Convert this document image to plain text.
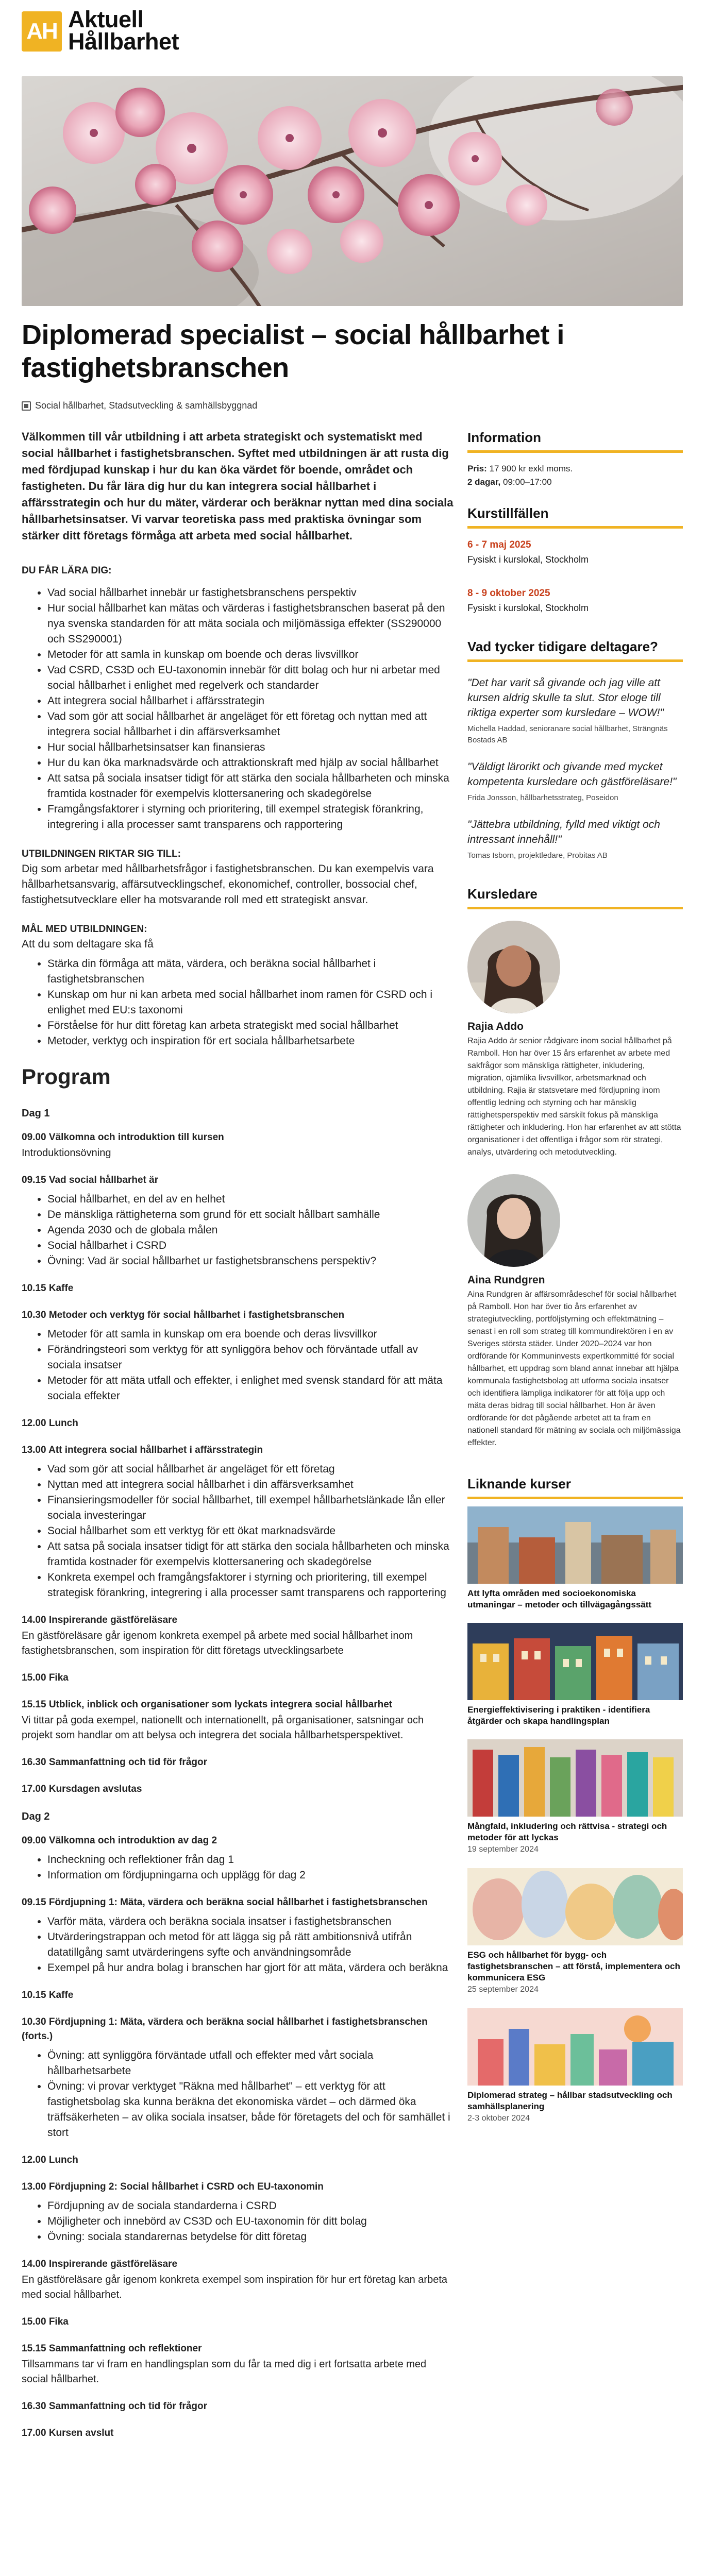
AH Aktuell
Hållbarhet
Diplomerad specialist – social hållbarhet i fastighetsbranschen
Social hållbarhet, Stadsutveckling & samhällsbyggnad

Välkommen till vår utbildning i att arbeta strategiskt och systematiskt med social hållbarhet i fastighetsbranschen. Syftet med utbildningen är att rusta dig med fördjupad kunskap i hur du kan öka värdet för boende, området och fastigheten. Du får lära dig hur du kan integrera social hållbarhet i affärsstrategin och hur du mäter, värderar och beräknar nyttan med dina sociala hållbarhetsinsatser. Vi varvar teoretiska pass med praktiska övningar som stärker ditt företags förmåga att arbeta med social hållbarhet.

DU FÅR LÄRA DIG:
• Vad social hållbarhet innebär ur fastighetsbranschens perspektiv
• Hur social hållbarhet kan mätas och värderas i fastighetsbranschen baserat på den nya svenska standarden för att mäta sociala och miljömässiga effekter (SS290000 och SS290001)
• Metoder för att samla in kunskap om boende och deras livsvillkor
• Vad CSRD, CS3D och EU-taxonomin innebär för ditt bolag och hur ni arbetar med social hållbarhet i enlighet med regelverk och standarder
• Att integrera social hållbarhet i affärsstrategin
• Vad som gör att social hållbarhet är angeläget för ett företag och nyttan med att integrera social hållbarhet i din affärsverksamhet
• Hur social hållbarhetsinsatser kan finansieras
• Hur du kan öka marknadsvärde och attraktionskraft med hjälp av social hållbarhet
• Att satsa på sociala insatser tidigt för att stärka den sociala hållbarheten och minska framtida kostnader för exempelvis klottersanering och skadegörelse
• Framgångsfaktorer i styrning och prioritering, till exempel strategisk förankring, integrering i alla processer samt transparens och rapportering
UTBILDNINGEN RIKTAR SIG TILL:

Dig som arbetar med hållbarhetsfrågor i fastighetsbranschen. Du kan exempelvis vara hållbarhetsansvarig, affärsutvecklingschef, ekonomichef, controller, bossocial chef, fastighetsutvecklare eller ha motsvarande roll med ett strategiskt ansvar.

MÅL MED UTBILDNINGEN:

Att du som deltagare ska få

• Stärka din förmåga att mäta, värdera, och beräkna social hållbarhet i fastighetsbranschen
• Kunskap om hur ni kan arbeta med social hållbarhet inom ramen för CSRD och i enlighet med EU:s taxonomi
• Förståelse för hur ditt företag kan arbeta strategiskt med social hållbarhet
• Metoder, verktyg och inspiration för ert sociala hållbarhetsarbete
Program
Dag 1
09.00 Välkomna och introduktion till kursen
Introduktionsövning
09.15 Vad social hållbarhet är
• Social hållbarhet, en del av en helhet
• De mänskliga rättigheterna som grund för ett socialt hållbart samhälle
• Agenda 2030 och de globala målen
• Social hållbarhet i CSRD
• Övning: Vad är social hållbarhet ur fastighetsbranschens perspektiv?
10.15 Kaffe
10.30 Metoder och verktyg för social hållbarhet i fastighetsbranschen
• Metoder för att samla in kunskap om era boende och deras livsvillkor
• Förändringsteori som verktyg för att synliggöra behov och förväntade utfall av sociala insatser
• Metoder för att mäta utfall och effekter, i enlighet med svensk standard för att mäta sociala effekter
12.00 Lunch
13.00 Att integrera social hållbarhet i affärsstrategin
• Vad som gör att social hållbarhet är angeläget för ett företag
• Nyttan med att integrera social hållbarhet i din affärsverksamhet
• Finansieringsmodeller för social hållbarhet, till exempel hållbarhetslänkade lån eller sociala investeringar
• Social hållbarhet som ett verktyg för ett ökat marknadsvärde
• Att satsa på sociala insatser tidigt för att stärka den sociala hållbarheten och minska framtida kostnader för exempelvis klottersanering och skadegörelse
• Konkreta exempel och framgångsfaktorer i styrning och prioritering, till exempel strategisk förankring, integrering i alla processer samt transparens och rapportering
14.00 Inspirerande gästföreläsare
En gästföreläsare går igenom konkreta exempel på arbete med social hållbarhet inom fastighetsbranschen, som inspiration för ditt företags utvecklingsarbete
15.00 Fika
15.15 Utblick, inblick och organisationer som lyckats integrera social hållbarhet
Vi tittar på goda exempel, nationellt och internationellt, på organisationer, satsningar och projekt som handlar om att belysa och integrera det sociala hållbarhetsperspektivet.
16.30 Sammanfattning och tid för frågor
17.00 Kursdagen avslutas
Dag 2
09.00 Välkomna och introduktion av dag 2
• Incheckning och reflektioner från dag 1
• Information om fördjupningarna och upplägg för dag 2
09.15 Fördjupning 1: Mäta, värdera och beräkna social hållbarhet i fastighetsbranschen
• Varför mäta, värdera och beräkna sociala insatser i fastighetsbranschen
• Utvärderingstrappan och metod för att lägga sig på rätt ambitionsnivå utifrån datatillgång samt utvärderingens syfte och användningsområde
• Exempel på hur andra bolag i branschen har gjort för att mäta, värdera och beräkna
10.15 Kaffe
10.30 Fördjupning 1: Mäta, värdera och beräkna social hållbarhet i fastighetsbranschen (forts.)
• Övning: att synliggöra förväntade utfall och effekter med vårt sociala hållbarhetsarbete
• Övning: vi provar verktyget "Räkna med hållbarhet" – ett verktyg för att fastighetsbolag ska kunna beräkna det ekonomiska värdet – och därmed öka träffsäkerheten – av olika sociala insatser, både för företagets del och för samhället i stort
12.00 Lunch
13.00 Fördjupning 2: Social hållbarhet i CSRD och EU-taxonomin
• Fördjupning av de sociala standarderna i CSRD
• Möjligheter och innebörd av CS3D och EU-taxonomin för ditt bolag
• Övning: sociala standarernas betydelse för ditt företag
14.00 Inspirerande gästföreläsare
En gästföreläsare går igenom konkreta exempel som inspiration för hur ert företag kan arbeta med social hållbarhet.
15.00 Fika
15.15 Sammanfattning och reflektioner
Tillsammans tar vi fram en handlingsplan som du får ta med dig i ert fortsatta arbete med social hållbarhet.
16.30 Sammanfattning och tid för frågor
17.00 Kursen avslut
Information
Pris: 17 900 kr exkl moms.
2 dagar, 09:00–17:00
Kurstillfällen
6 - 7 maj 2025
Fysiskt i kurslokal, Stockholm
8 - 9 oktober 2025
Fysiskt i kurslokal, Stockholm
Vad tycker tidigare deltagare?
"Det har varit så givande och jag ville att kursen aldrig skulle ta slut. Stor eloge till riktiga experter som kursledare – WOW!"
Michella Haddad, senioranare social hållbarhet, Strängnäs Bostads AB
"Väldigt lärorikt och givande med mycket kompetenta kursledare och gästföreläsare!"
Frida Jonsson, hållbarhetsstrateg, Poseidon
"Jättebra utbildning, fylld med viktigt och intressant innehåll!"
Tomas Isborn, projektledare, Probitas AB
Kursledare
Rajia Addo
Rajia Addo är senior rådgivare inom social hållbarhet på Ramboll. Hon har över 15 års erfarenhet av arbete med sakfrågor som mänskliga rättigheter, inkludering, migration, ojämlika livsvillkor, arbetsmarknad och utbildning. Rajia är statsvetare med fördjupning inom offentlig ledning och styrning och har mänsklig rättighetsperspektiv med särskilt fokus på mänskliga rättigheter och inkludering. Hon har erfarenhet av att stötta organisationer i det offentliga i frågor som rör strategi, analys, utvärdering och metodutveckling.
Aina Rundgren
Aina Rundgren är affärsområdeschef för social hållbarhet på Ramboll. Hon har över tio års erfarenhet av strategiutveckling, portföljstyrning och effektmätning – senast i en roll som strateg till kommundirektören i en av Sveriges största städer. Under 2020–2024 var hon ordförande för Kommuninvests expertkommitté för social hållbarhet, ett uppdrag som bland annat innebar att hjälpa kommunala fastighetsbolag att utforma sociala insatser och identifiera lämpliga indikatorer för att följa upp och mäta deras bidrag till social hållbarhet. Hon är även ordförande för det pågående arbetet att ta fram en nationell standard för mätning av sociala och miljömässiga effekter.
Liknande kurser
Att lyfta områden med socioekonomiska utmaningar – metoder och tillvägagångssätt
Energieffektivisering i praktiken - identifiera åtgärder och skapa handlingsplan
Mångfald, inkludering och rättvisa - strategi och metoder för att lyckas
19 september 2024
ESG och hållbarhet för bygg- och fastighetsbranschen – att förstå, implementera och kommunicera ESG
25 september 2024
Diplomerad strateg – hållbar stadsutveckling och samhällsplanering
2-3 oktober 2024
